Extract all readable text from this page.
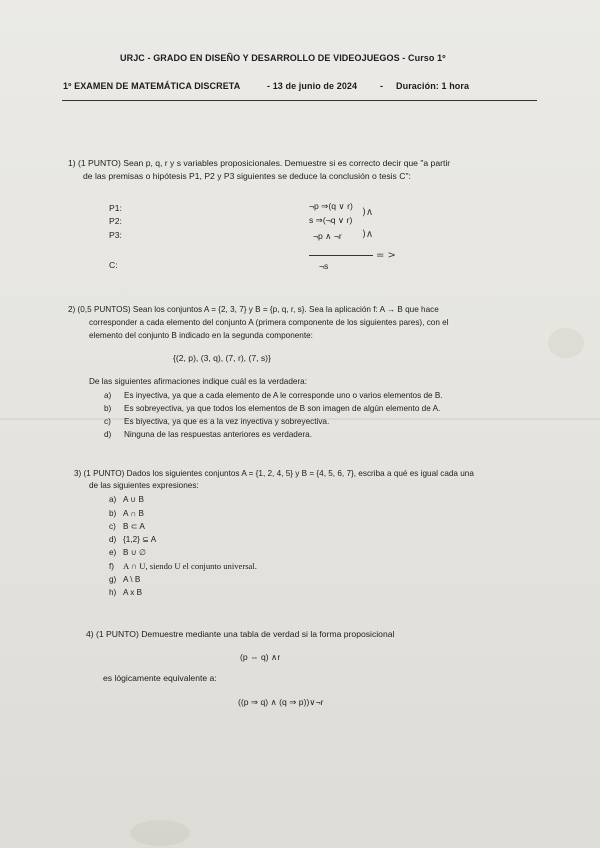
URJC - GRADO EN DISEÑO Y DESARROLLO DE VIDEOJUEGOS - Curso 1º
1º EXAMEN DE MATEMÁTICA DISCRETA	- 13 de junio de 2024	- Duración: 1 hora
1) (1 PUNTO) Sean p, q, r y s variables proposicionales. Demuestre si es correcto decir que "a partir
de las premisas o hipótesis P1, P2 y P3 siguientes se deduce la conclusión o tesis C":
P1:
P2:
P3:
C:
¬p ⇒(q ∨ r)
s ⇒(¬q ∨ r)
¬p ∧ ¬r
¬s
)∧
)∧
= >
2) (0,5 PUNTOS) Sean los conjuntos A = {2, 3, 7} y B = {p, q, r, s}. Sea la aplicación f: A → B que hace
corresponder a cada elemento del conjunto A (primera componente de los siguientes pares), con el
elemento del conjunto B indicado en la segunda componente:
{(2, p), (3, q), (7, r), (7, s)}
De las siguientes afirmaciones indique cuál es la verdadera:
a) Es inyectiva, ya que a cada elemento de A le corresponde uno o varios elementos de B.
b) Es sobreyectiva, ya que todos los elementos de B son imagen de algún elemento de A.
c) Es biyectiva, ya que es a la vez inyectiva y sobreyectiva.
d) Ninguna de las respuestas anteriores es verdadera.
3) (1 PUNTO) Dados los siguientes conjuntos A = {1, 2, 4, 5} y B = {4, 5, 6, 7}, escriba a qué es igual cada una
de las siguientes expresiones:
a) A ∪ B
b) A ∩ B
c) B ⊂ A
d) {1,2} ⊆ A
e) B ∪ ∅
f) A ∩ U, siendo U el conjunto universal.
g) A \ B
h) A x B
4) (1 PUNTO) Demuestre mediante una tabla de verdad si la forma proposicional
(p ⇔ q) ∧r
es lógicamente equivalente a:
((p ⇒ q) ∧ (q ⇒ p))∨¬r
